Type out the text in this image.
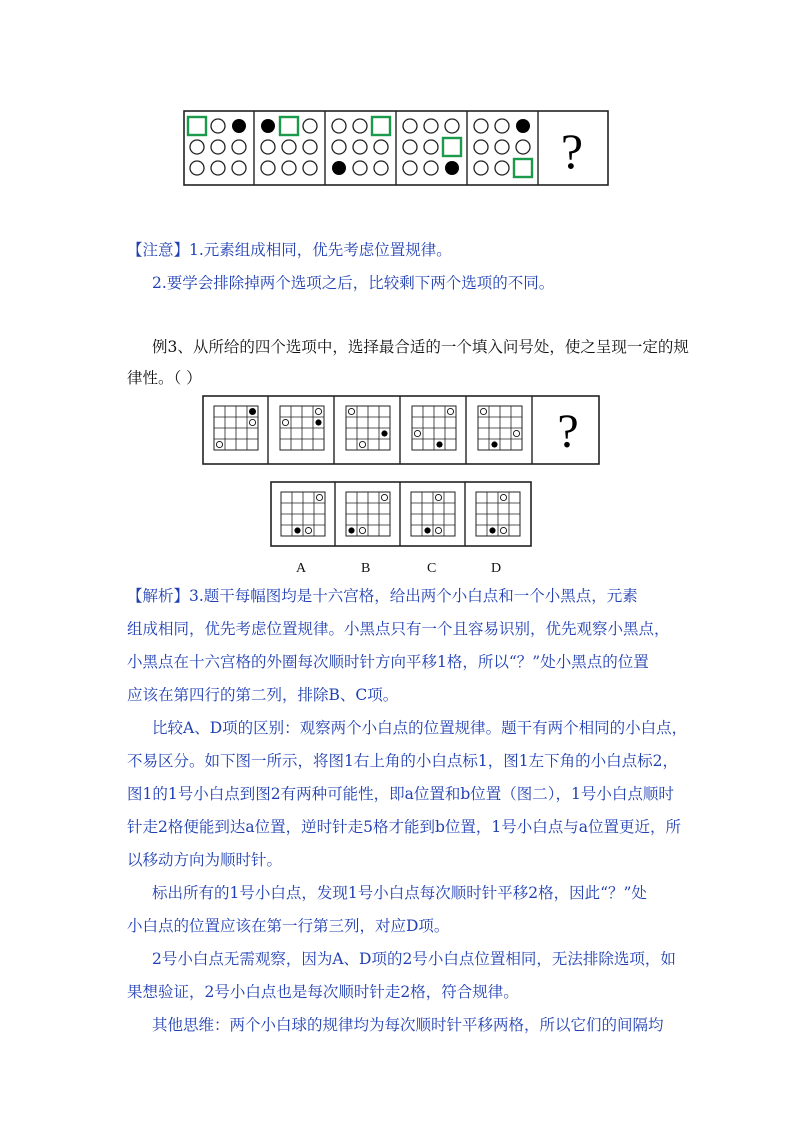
?
【注意】1.元素组成相同，优先考虑位置规律。
2.要学会排除掉两个选项之后，比较剩下两个选项的不同。
例3、从所给的四个选项中，选择最合适的一个填入问号处，使之呈现一定的规
律性。（ ）
?
A	B	C	D
【解析】3.题干每幅图均是十六宫格，给出两个小白点和一个小黑点，元素
组成相同，优先考虑位置规律。小黑点只有一个且容易识别，优先观察小黑点，
小黑点在十六宫格的外圈每次顺时针方向平移1格，所以“？”处小黑点的位置
应该在第四行的第二列，排除B、C项。
比较A、D项的区别：观察两个小白点的位置规律。题干有两个相同的小白点，
不易区分。如下图一所示，将图1右上角的小白点标1，图1左下角的小白点标2，
图1的1号小白点到图2有两种可能性，即a位置和b位置（图二），1号小白点顺时
针走2格便能到达a位置，逆时针走5格才能到b位置，1号小白点与a位置更近，所
以移动方向为顺时针。
标出所有的1号小白点，发现1号小白点每次顺时针平移2格，因此“？”处
小白点的位置应该在第一行第三列，对应D项。
2号小白点无需观察，因为A、D项的2号小白点位置相同，无法排除选项，如
果想验证，2号小白点也是每次顺时针走2格，符合规律。
其他思维：两个小白球的规律均为每次顺时针平移两格，所以它们的间隔均
